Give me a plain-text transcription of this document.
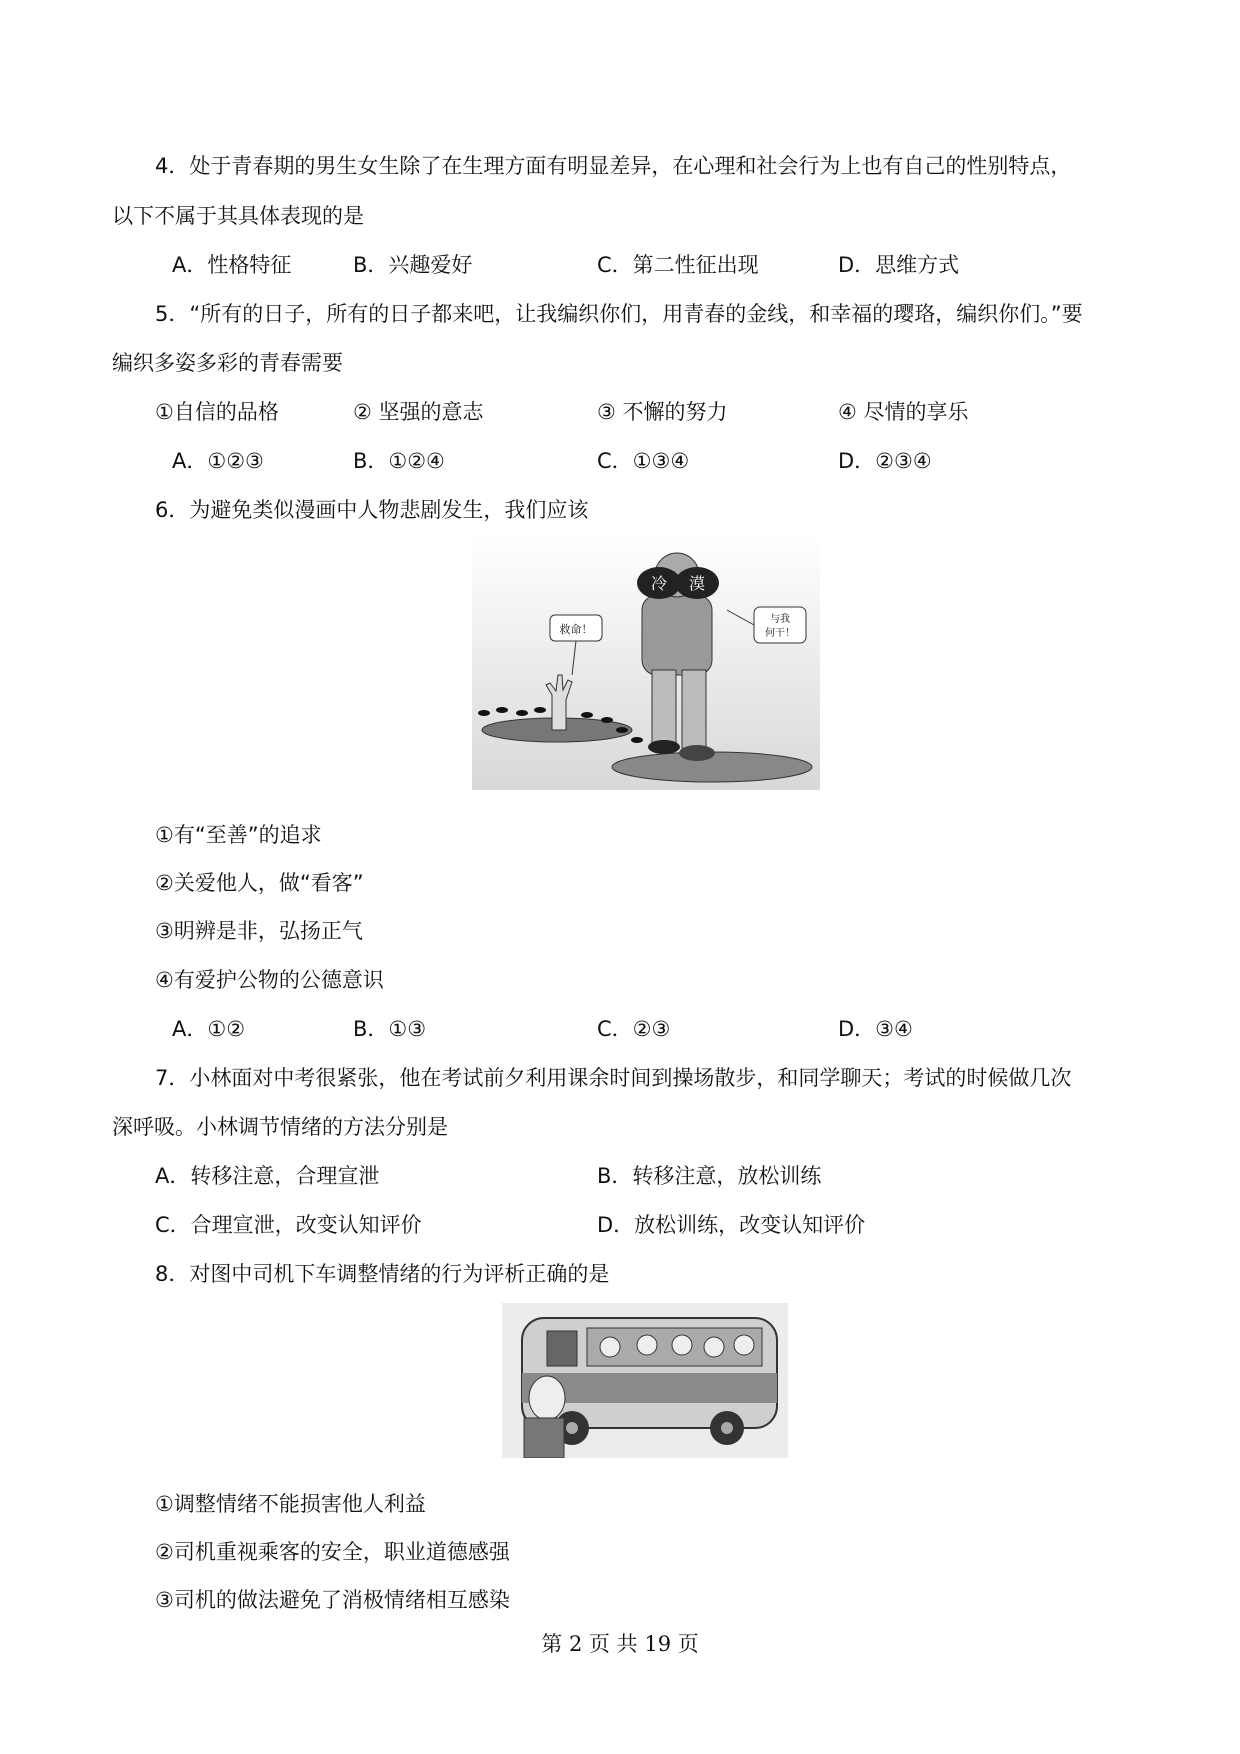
4．处于青春期的男生女生除了在生理方面有明显差异，在心理和社会行为上也有自己的性别特点，
以下不属于其具体表现的是
A．性格特征	B．兴趣爱好	C．第二性征出现	D．思维方式
5．“所有的日子，所有的日子都来吧，让我编织你们，用青春的金线，和幸福的璎珞，编织你们。”要
编织多姿多彩的青春需要
①自信的品格	② 坚强的意志	③ 不懈的努力	④ 尽情的享乐
A．①②③	B．①②④	C．①③④	D．②③④
6．为避免类似漫画中人物悲剧发生，我们应该
救命！
冷 漠
与我
何干！
①有“至善”的追求
②关爱他人，做“看客”
③明辨是非，弘扬正气
④有爱护公物的公德意识
A．①②	B．①③	C．②③	D．③④
7．小林面对中考很紧张，他在考试前夕利用课余时间到操场散步，和同学聊天；考试的时候做几次
深呼吸。小林调节情绪的方法分别是
A．转移注意，合理宣泄	B．转移注意，放松训练
C．合理宣泄，改变认知评价	D．放松训练，改变认知评价
8．对图中司机下车调整情绪的行为评析正确的是
①调整情绪不能损害他人利益
②司机重视乘客的安全，职业道德感强
③司机的做法避免了消极情绪相互感染
第 2 页 共 19 页
